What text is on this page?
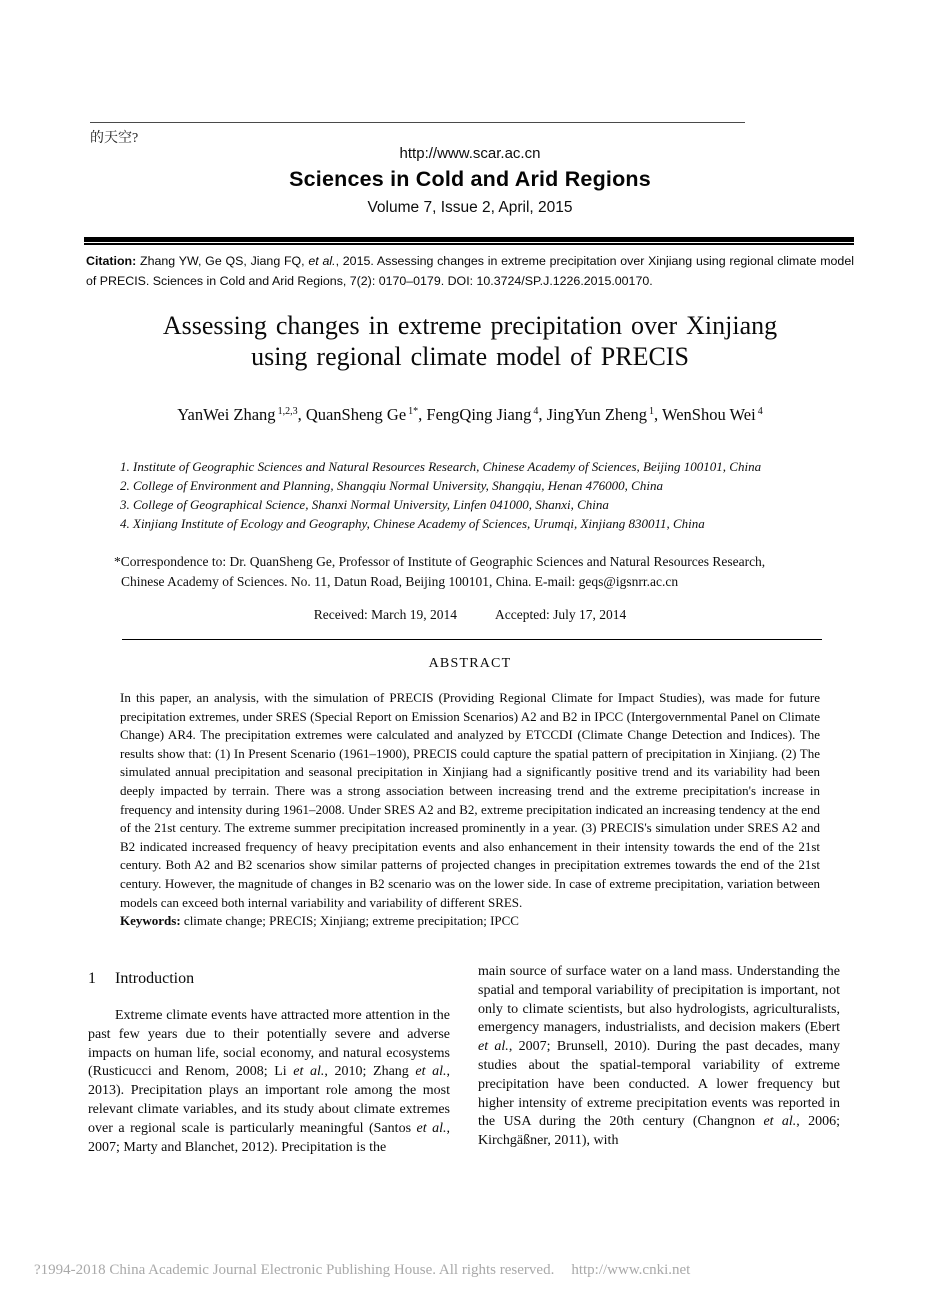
的天空?
http://www.scar.ac.cn
Sciences in Cold and Arid Regions
Volume 7, Issue 2, April, 2015
Citation: Zhang YW, Ge QS, Jiang FQ, et al., 2015. Assessing changes in extreme precipitation over Xinjiang using regional climate model of PRECIS. Sciences in Cold and Arid Regions, 7(2): 0170–0179. DOI: 10.3724/SP.J.1226.2015.00170.
Assessing changes in extreme precipitation over Xinjiang
using regional climate model of PRECIS
YanWei Zhang $^{1,2,3}$, QuanSheng Ge $^{1*}$, FengQing Jiang $^4$, JingYun Zheng $^1$, WenShou Wei $^4$
1. Institute of Geographic Sciences and Natural Resources Research, Chinese Academy of Sciences, Beijing 100101, China
2. College of Environment and Planning, Shangqiu Normal University, Shangqiu, Henan 476000, China
3. College of Geographical Science, Shanxi Normal University, Linfen 041000, Shanxi, China
4. Xinjiang Institute of Ecology and Geography, Chinese Academy of Sciences, Urumqi, Xinjiang 830011, China
*Correspondence to: Dr. QuanSheng Ge, Professor of Institute of Geographic Sciences and Natural Resources Research,
Chinese Academy of Sciences. No. 11, Datun Road, Beijing 100101, China. E-mail: geqs@igsnrr.ac.cn
Received: March 19, 2014	Accepted: July 17, 2014
ABSTRACT
In this paper, an analysis, with the simulation of PRECIS (Providing Regional Climate for Impact Studies), was made for future precipitation extremes, under SRES (Special Report on Emission Scenarios) A2 and B2 in IPCC (Intergovernmental Panel on Climate Change) AR4. The precipitation extremes were calculated and analyzed by ETCCDI (Climate Change Detection and Indices). The results show that: (1) In Present Scenario (1961–1900), PRECIS could capture the spatial pattern of precipitation in Xinjiang. (2) The simulated annual precipitation and seasonal precipitation in Xinjiang had a significantly positive trend and its variability had been deeply impacted by terrain. There was a strong association between increasing trend and the extreme precipitation's increase in frequency and intensity during 1961–2008. Under SRES A2 and B2, extreme precipitation indicated an increasing tendency at the end of the 21st century. The extreme summer precipitation increased prominently in a year. (3) PRECIS's simulation under SRES A2 and B2 indicated increased frequency of heavy precipitation events and also enhancement in their intensity towards the end of the 21st century. Both A2 and B2 scenarios show similar patterns of projected changes in precipitation extremes towards the end of the 21st century. However, the magnitude of changes in B2 scenario was on the lower side. In case of extreme precipitation, variation between models can exceed both internal variability and variability of different SRES.
Keywords: climate change; PRECIS; Xinjiang; extreme precipitation; IPCC
1 Introduction
Extreme climate events have attracted more attention in the past few years due to their potentially severe and adverse impacts on human life, social economy, and natural ecosystems (Rusticucci and Renom, 2008; Li et al., 2010; Zhang et al., 2013). Precipitation plays an important role among the most relevant climate variables, and its study about climate extremes over a regional scale is particularly meaningful (Santos et al., 2007; Marty and Blanchet, 2012). Precipitation is the
main source of surface water on a land mass. Understanding the spatial and temporal variability of precipitation is important, not only to climate scientists, but also hydrologists, agriculturalists, emergency managers, industrialists, and decision makers (Ebert et al., 2007; Brunsell, 2010). During the past decades, many studies about the spatial-temporal variability of extreme precipitation have been conducted. A lower frequency but higher intensity of extreme precipitation events was reported in the USA during the 20th century (Changnon et al., 2006; Kirchgäßner, 2011), with
?1994-2018 China Academic Journal Electronic Publishing House. All rights reserved. http://www.cnki.net
